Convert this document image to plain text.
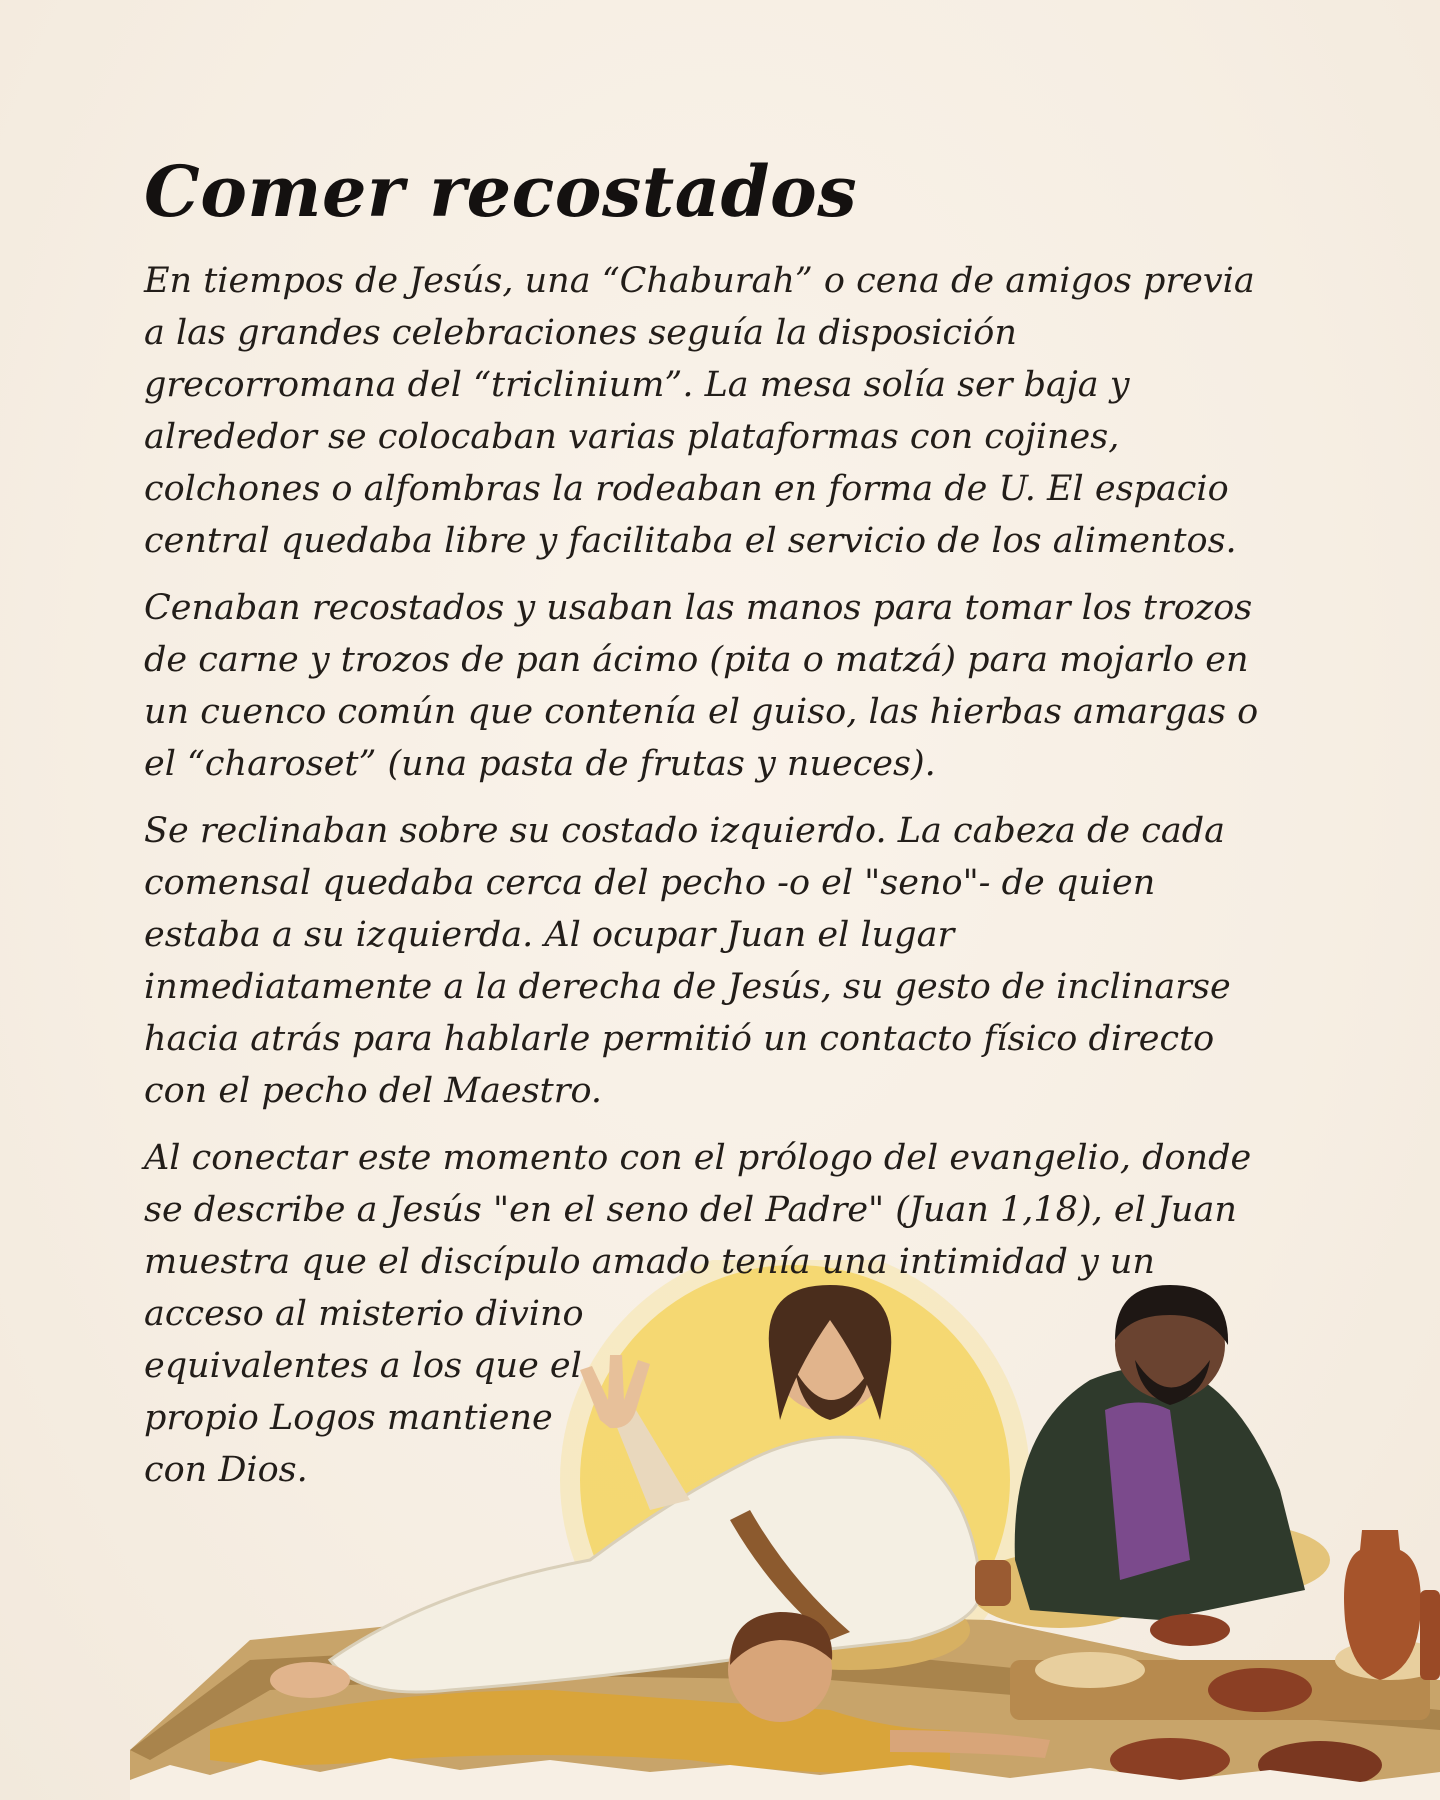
Comer recostados

En tiempos de Jesús, una “Chaburah” o cena de amigos previa
a las grandes celebraciones seguía la disposición
grecorromana del “triclinium”. La mesa solía ser baja y
alrededor se colocaban varias plataformas con cojines,
colchones o alfombras la rodeaban en forma de U. El espacio
central quedaba libre y facilitaba el servicio de los alimentos.

Cenaban recostados y usaban las manos para tomar los trozos
de carne y trozos de pan ácimo (pita o matzá) para mojarlo en
un cuenco común que contenía el guiso, las hierbas amargas o
el “charoset” (una pasta de frutas y nueces).

Se reclinaban sobre su costado izquierdo. La cabeza de cada
comensal quedaba cerca del pecho -o el "seno"- de quien
estaba a su izquierda. Al ocupar Juan el lugar
inmediatamente a la derecha de Jesús, su gesto de inclinarse
hacia atrás para hablarle permitió un contacto físico directo
con el pecho del Maestro.

Al conectar este momento con el prólogo del evangelio, donde
se describe a Jesús "en el seno del Padre" (Juan 1,18), el Juan
muestra que el discípulo amado tenía una intimidad y un
acceso al misterio divino
equivalentes a los que el
propio Logos mantiene
con Dios.
